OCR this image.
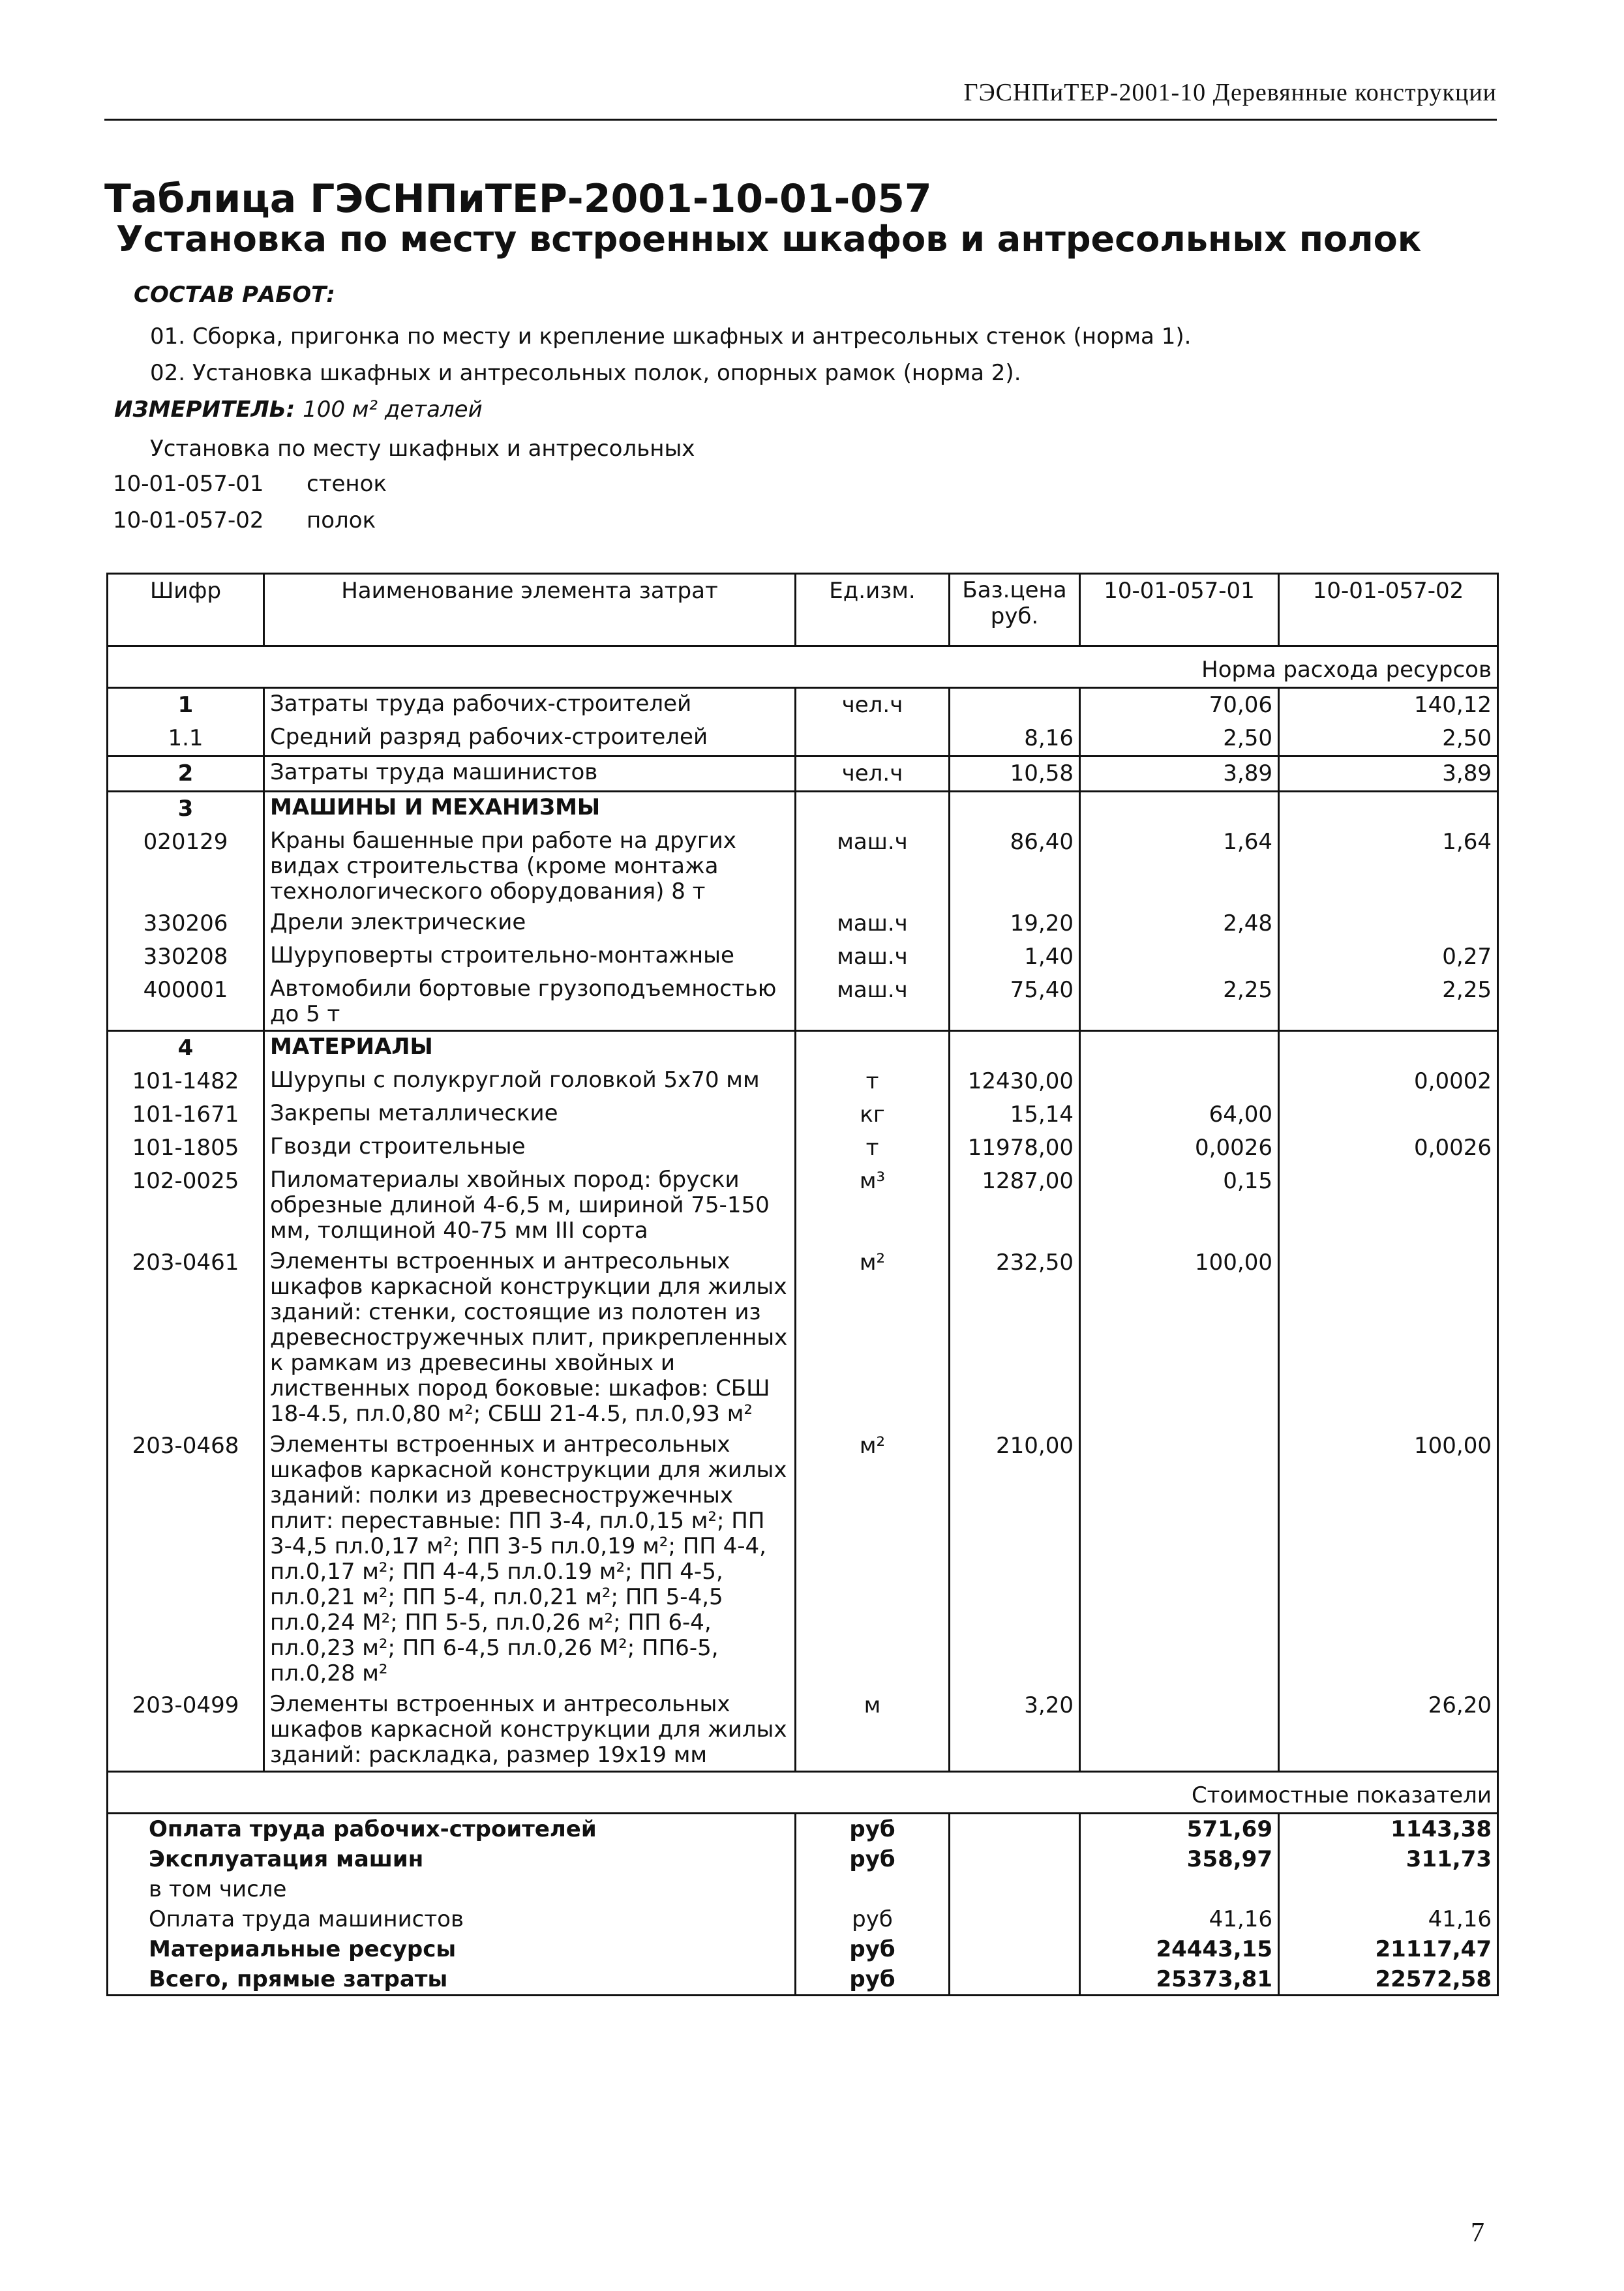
ГЭСНПиТЕР-2001-10 Деревянные конструкции
Таблица ГЭСНПиТЕР-2001-10-01-057
Установка по месту встроенных шкафов и антресольных полок
СОСТАВ РАБОТ:
01. Сборка, пригонка по месту и крепление шкафных и антресольных стенок (норма 1).
02. Установка шкафных и антресольных полок, опорных рамок (норма 2).
ИЗМЕРИТЕЛЬ: 100 м² деталей
Установка по месту шкафных и антресольных
10-01-057-01 стенок
10-01-057-02 полок
Шифр	Наименование элемента затрат	Ед.изм.	Баз.цена руб.	10-01-057-01	10-01-057-02
Норма расхода ресурсов					
1	Затраты труда рабочих-строителей	чел.ч		70,06	140,12
1.1	Средний разряд рабочих-строителей		8,16	2,50	2,50
2	Затраты труда машинистов	чел.ч	10,58	3,89	3,89
3	МАШИНЫ И МЕХАНИЗМЫ				
020129	Краны башенные при работе на других видах строительства (кроме монтажа технологического оборудования) 8 т	маш.ч	86,40	1,64	1,64
330206	Дрели электрические	маш.ч	19,20	2,48	
330208	Шуруповерты строительно-монтажные	маш.ч	1,40		0,27
400001	Автомобили бортовые грузоподъемностью до 5 т	маш.ч	75,40	2,25	2,25
4	МАТЕРИАЛЫ				
101-1482	Шурупы с полукруглой головкой 5х70 мм	т	12430,00		0,0002
101-1671	Закрепы металлические	кг	15,14	64,00	
101-1805	Гвозди строительные	т	11978,00	0,0026	0,0026
102-0025	Пиломатериалы хвойных пород: бруски обрезные длиной 4-6,5 м, шириной 75-150 мм, толщиной 40-75 мм III сорта	м³	1287,00	0,15	
203-0461	Элементы встроенных и антресольных шкафов каркасной конструкции для жилых зданий: стенки, состоящие из полотен из древесностружечных плит, прикрепленных к рамкам из древесины хвойных и лиственных пород боковые: шкафов: СБШ 18-4.5, пл.0,80 м²; СБШ 21-4.5, пл.0,93 м²	м²	232,50	100,00	
203-0468	Элементы встроенных и антресольных шкафов каркасной конструкции для жилых зданий: полки из древесностружечных плит: переставные: ПП 3-4, пл.0,15 м²; ПП 3-4,5 пл.0,17 м²; ПП 3-5 пл.0,19 м²; ПП 4-4, пл.0,17 м²; ПП 4-4,5 пл.0.19 м²; ПП 4-5, пл.0,21 м²; ПП 5-4, пл.0,21 м²; ПП 5-4,5 пл.0,24 М²; ПП 5-5, пл.0,26 м²; ПП 6-4, пл.0,23 м²; ПП 6-4,5 пл.0,26 М²; ПП6-5, пл.0,28 м²	м²	210,00		100,00
203-0499	Элементы встроенных и антресольных шкафов каркасной конструкции для жилых зданий: раскладка, размер 19х19 мм	м	3,20		26,20
Стоимостные показатели					
Оплата труда рабочих-строителей		руб		571,69	1143,38
Эксплуатация машин		руб		358,97	311,73
в том числе					
Оплата труда машинистов		руб		41,16	41,16
Материальные ресурсы		руб		24443,15	21117,47
Всего, прямые затраты		руб		25373,81	22572,58
7
